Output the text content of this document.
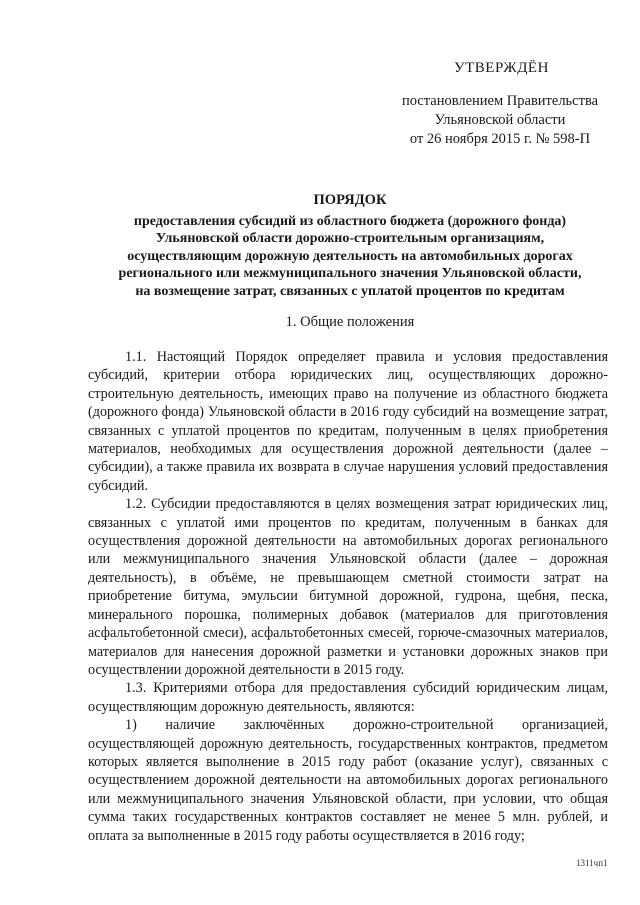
УТВЕРЖДЁН
постановлением Правительства
Ульяновской области
от 26 ноября 2015 г. № 598-П
ПОРЯДОК
предоставления субсидий из областного бюджета (дорожного фонда)
Ульяновской области дорожно-строительным организациям,
осуществляющим дорожную деятельность на автомобильных дорогах
регионального или межмуниципального значения Ульяновской области,
на возмещение затрат, связанных с уплатой процентов по кредитам
1. Общие положения

1.1. Настоящий Порядок определяет правила и условия предоставления субсидий, критерии отбора юридических лиц, осуществляющих дорожно-строительную деятельность, имеющих право на получение из областного бюджета (дорожного фонда) Ульяновской области в 2016 году субсидий на возмещение затрат, связанных с уплатой процентов по кредитам, полученным в целях приобретения материалов, необходимых для осуществления дорожной деятельности (далее – субсидии), а также правила их возврата в случае нарушения условий предоставления субсидий.

1.2. Субсидии предоставляются в целях возмещения затрат юридических лиц, связанных с уплатой ими процентов по кредитам, полученным в банках для осуществления дорожной деятельности на автомобильных дорогах регионального или межмуниципального значения Ульяновской области (далее – дорожная деятельность), в объёме, не превышающем сметной стоимости затрат на приобретение битума, эмульсии битумной дорожной, гудрона, щебня, песка, минерального порошка, полимерных добавок (материалов для приготовления асфальтобетонной смеси), асфальтобетонных смесей, горюче-смазочных материалов, материалов для нанесения дорожной разметки и установки дорожных знаков при осуществлении дорожной деятельности в 2015 году.

1.3. Критериями отбора для предоставления субсидий юридическим лицам, осуществляющим дорожную деятельность, являются:

1) наличие заключённых дорожно-строительной организацией, осуществляющей дорожную деятельность, государственных контрактов, предметом которых является выполнение в 2015 году работ (оказание услуг), связанных с осуществлением дорожной деятельности на автомобильных дорогах регионального или межмуниципального значения Ульяновской области, при условии, что общая сумма таких государственных контрактов составляет не менее 5 млн. рублей, и оплата за выполненные в 2015 году работы осуществляется в 2016 году;

1311чп1
